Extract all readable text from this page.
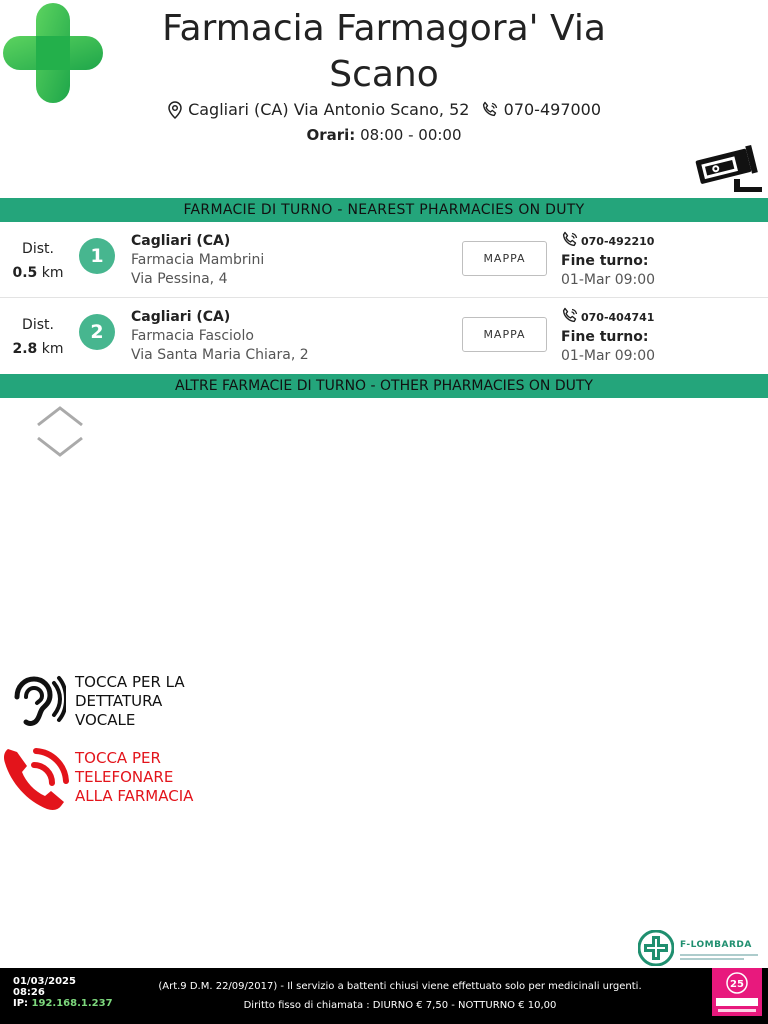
Farmacia Farmagora' Via
Scano
Cagliari (CA) Via Antonio Scano, 52 070-497000
Orari: 08:00 - 00:00
FARMACIE DI TURNO - NEAREST PHARMACIES ON DUTY
Dist.
0.5 km
1
Cagliari (CA)
Farmacia Mambrini
Via Pessina, 4
MAPPA
070-492210
Fine turno:
01-Mar 09:00
Dist.
2.8 km
2
Cagliari (CA)
Farmacia Fasciolo
Via Santa Maria Chiara, 2
MAPPA
070-404741
Fine turno:
01-Mar 09:00
ALTRE FARMACIE DI TURNO - OTHER PHARMACIES ON DUTY
TOCCA PER LA
DETTATURA
VOCALE
TOCCA PER
TELEFONARE
ALLA FARMACIA
F-LOMBARDA
01/03/2025
08:26
IP: 192.168.1.237
(Art.9 D.M. 22/09/2017) - Il servizio a battenti chiusi viene effettuato solo per medicinali urgenti.
Diritto fisso di chiamata : DIURNO € 7,50 - NOTTURNO € 10,00
25
